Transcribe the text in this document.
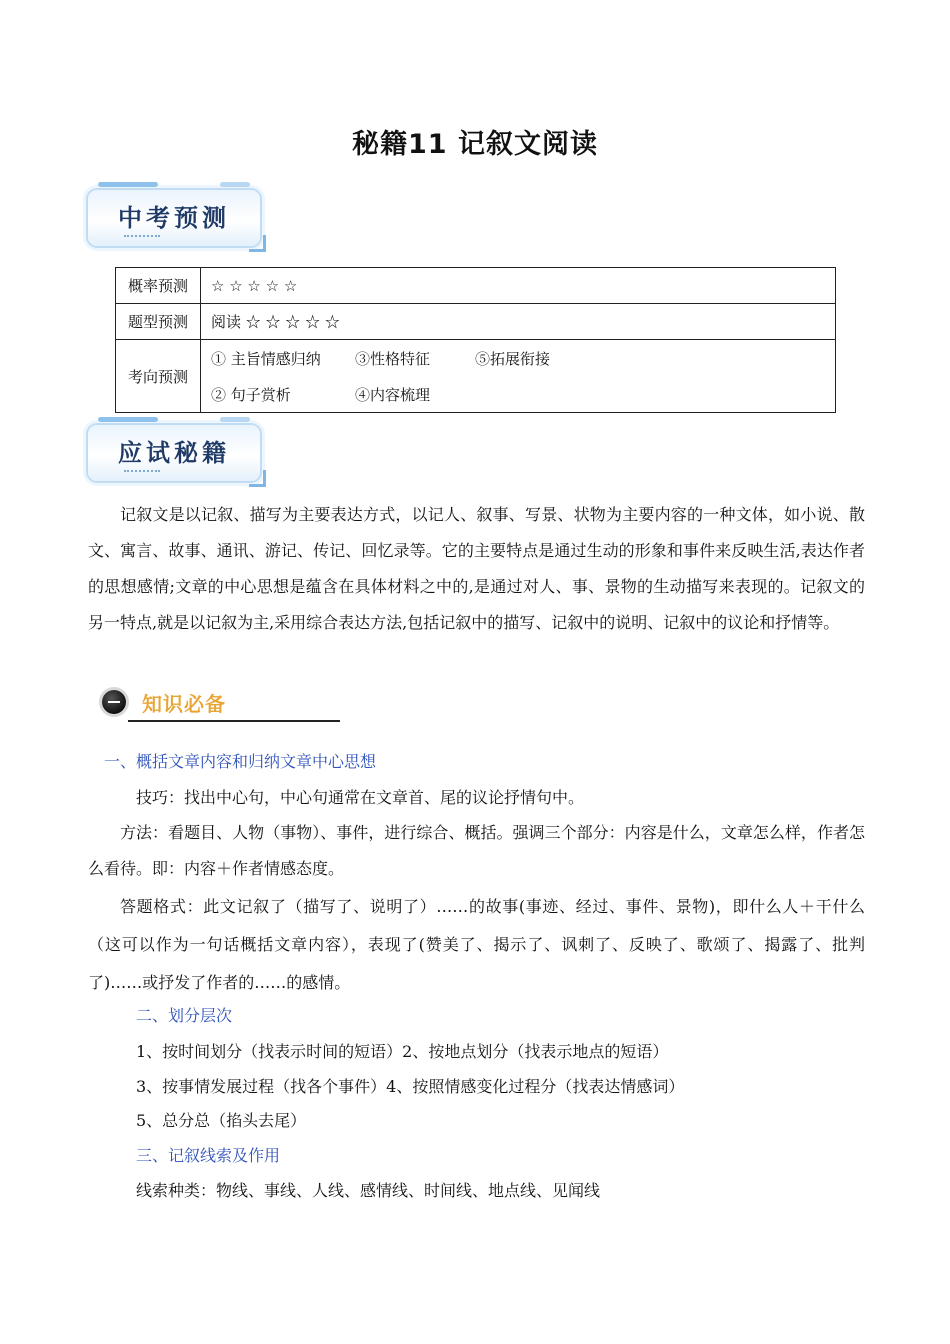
秘籍11 记叙文阅读
中考预测
概率预测	☆ ☆ ☆ ☆ ☆
题型预测	阅读 ☆ ☆ ☆ ☆ ☆
考向预测	① 主旨情感归纳 ③性格特征 ⑤拓展衔接
② 句子赏析 ④内容梳理
应试秘籍
记叙文是以记叙、描写为主要表达方式，以记人、叙事、写景、状物为主要内容的一种文体，如小说、散文、寓言、故事、通讯、游记、传记、回忆录等。它的主要特点是通过生动的形象和事件来反映生活,表达作者的思想感情;文章的中心思想是蕴含在具体材料之中的,是通过对人、事、景物的生动描写来表现的。记叙文的另一特点,就是以记叙为主,采用综合表达方法,包括记叙中的描写、记叙中的说明、记叙中的议论和抒情等。
知识必备
一、概括文章内容和归纳文章中心思想
技巧：找出中心句，中心句通常在文章首、尾的议论抒情句中。
方法：看题目、人物（事物）、事件，进行综合、概括。强调三个部分：内容是什么，文章怎么样，作者怎么看待。即：内容＋作者情感态度。
答题格式：此文记叙了（描写了、说明了）……的故事(事迹、经过、事件、景物)，即什么人＋干什么（这可以作为一句话概括文章内容），表现了(赞美了、揭示了、讽刺了、反映了、歌颂了、揭露了、批判了)……或抒发了作者的……的感情。
二、划分层次
1、按时间划分（找表示时间的短语）2、按地点划分（找表示地点的短语）
3、按事情发展过程（找各个事件）4、按照情感变化过程分（找表达情感词）
5、总分总（掐头去尾）
三、记叙线索及作用
线索种类：物线、事线、人线、感情线、时间线、地点线、见闻线
